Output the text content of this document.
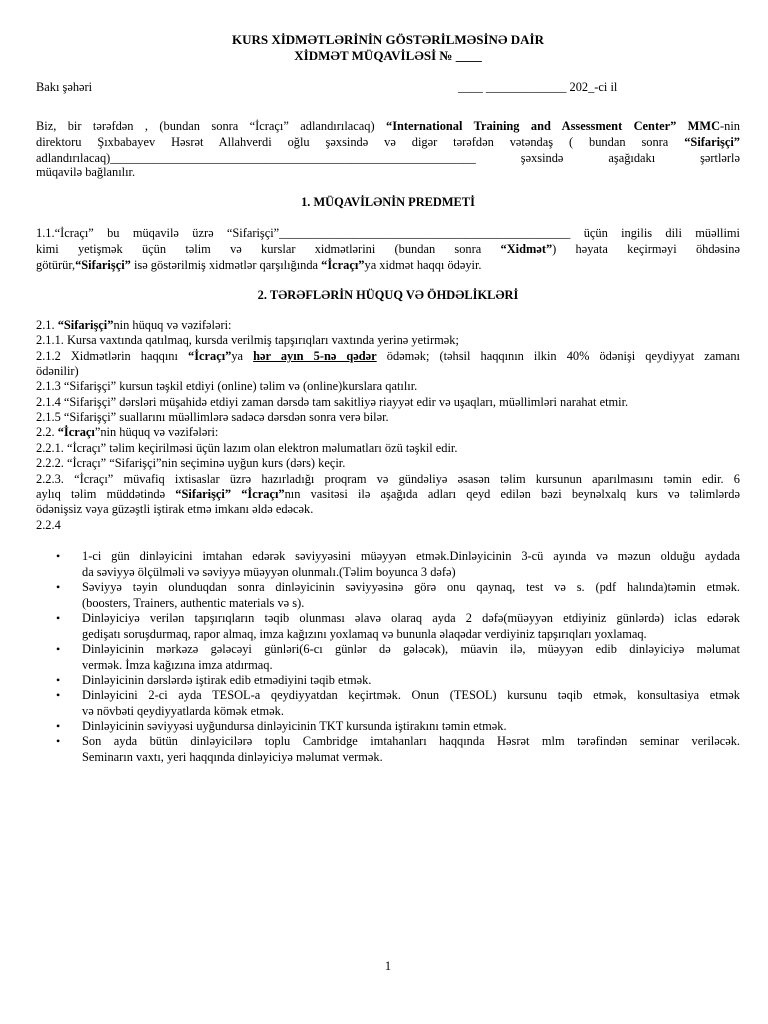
KURS XİDMƏTLƏRİNİN GÖSTƏRİLMƏSİNƏ DAİR
XİDMƏT MÜQAVİLƏSİ № ____
Bakı şəhəri	____ _____________ 202_-ci il
Biz, bir tərəfdən , (bundan sonra “İcraçı” adlandırılacaq) “International Training and Assessment Center” MMC-nin
direktoru Şıxbabayev Həsrət Allahverdi oğlu şəxsində və digər tərəfdən vətəndaş ( bundan sonra “Sifarişçi”
adlandırılacaq)___________________________________________________________ şəxsində aşağıdakı şərtlərlə
müqavilə bağlanılır.
1. MÜQAVİLƏNİN PREDMETİ
1.1.“İcraçı” bu müqavilə üzrə “Sifarişçi”_______________________________________________ üçün ingilis dili müəllimi
kimi yetişmək üçün təlim və kurslar xidmətlərini (bundan sonra “Xidmət”) həyata keçirməyi öhdəsinə
götürür,“Sifarişçi” isə göstərilmiş xidmətlər qarşılığında “İcraçı”ya xidmət haqqı ödəyir.
2. TƏRƏFLƏRİN HÜQUQ VƏ ÖHDƏLİKLƏRİ
2.1. “Sifarişçi”nin hüquq və vəzifələri:
2.1.1. Kursa vaxtında qatılmaq, kursda verilmiş tapşırıqları vaxtında yerinə yetirmək;
2.1.2 Xidmətlərin haqqını “İcraçı”ya hər ayın 5-nə qədər ödəmək; (təhsil haqqının ilkin 40% ödənişi qeydiyyat zamanı
ödənilir)
2.1.3 “Sifarişçi” kursun təşkil etdiyi (online) təlim və (online)kurslara qatılır.
2.1.4 “Sifarişçi” dərsləri müşahidə etdiyi zaman dərsdə tam sakitliyə riayyət edir və uşaqları, müəllimləri narahat etmir.
2.1.5 “Sifarişçi” suallarını müəllimlərə sadəcə dərsdən sonra verə bilər.
2.2. “İcraçı”nin hüquq və vəzifələri:
2.2.1. “İcraçı” təlim keçirilməsi üçün lazım olan elektron məlumatları özü təşkil edir.
2.2.2. “İcraçı” “Sifarişçi”nin seçiminə uyğun kurs (dərs) keçir.
2.2.3. “İcraçı” müvafiq ixtisaslar üzrə hazırladığı proqram və gündəliyə əsasən təlim kursunun aparılmasını təmin edir. 6
aylıq təlim müddətində “Sifarişçi” “İcraçı”nın vasitəsi ilə aşağıda adları qeyd edilən bəzi beynəlxalq kurs və təlimlərdə
ödənişsiz vəya güzəştli iştirak etmə imkanı əldə edəcək.
2.2.4
• 1-ci gün dinləyicini imtahan edərək səviyyəsini müəyyən etmək.Dinləyicinin 3-cü ayında və məzun olduğu aydada
da səviyyə ölçülməli və səviyyə müəyyən olunmalı.(Təlim boyunca 3 dəfə)
• Səviyyə təyin olunduqdan sonra dinləyicinin səviyyəsinə görə onu qaynaq, test və s. (pdf halında)təmin etmək.
(boosters, Trainers, authentic materials və s).
• Dinləyiciyə verilən tapşırıqların təqib olunması əlavə olaraq ayda 2 dəfə(müəyyən etdiyiniz günlərdə) iclas edərək
gedişatı soruşdurmaq, rapor almaq, imza kağızını yoxlamaq və bununla əlaqədar verdiyiniz tapşırıqları yoxlamaq.
• Dinləyicinin mərkəzə gələcəyi günləri(6-cı günlər də gələcək), müavin ilə, müəyyən edib dinləyiciyə məlumat
vermək. İmza kağızına imza atdırmaq.
• Dinləyicinin dərslərdə iştirak edib etmədiyini təqib etmək.
• Dinləyicini 2-ci ayda TESOL-a qeydiyyatdan keçirtmək. Onun (TESOL) kursunu təqib etmək, konsultasiya etmək
və növbəti qeydiyyatlarda kömək etmək.
• Dinləyicinin səviyyəsi uyğundursa dinləyicinin TKT kursunda iştirakını təmin etmək.
• Son ayda bütün dinləyicilərə toplu Cambridge imtahanları haqqında Həsrət mlm tərəfindən seminar veriləcək.
Seminarın vaxtı, yeri haqqında dinləyiciyə məlumat vermək.
1
